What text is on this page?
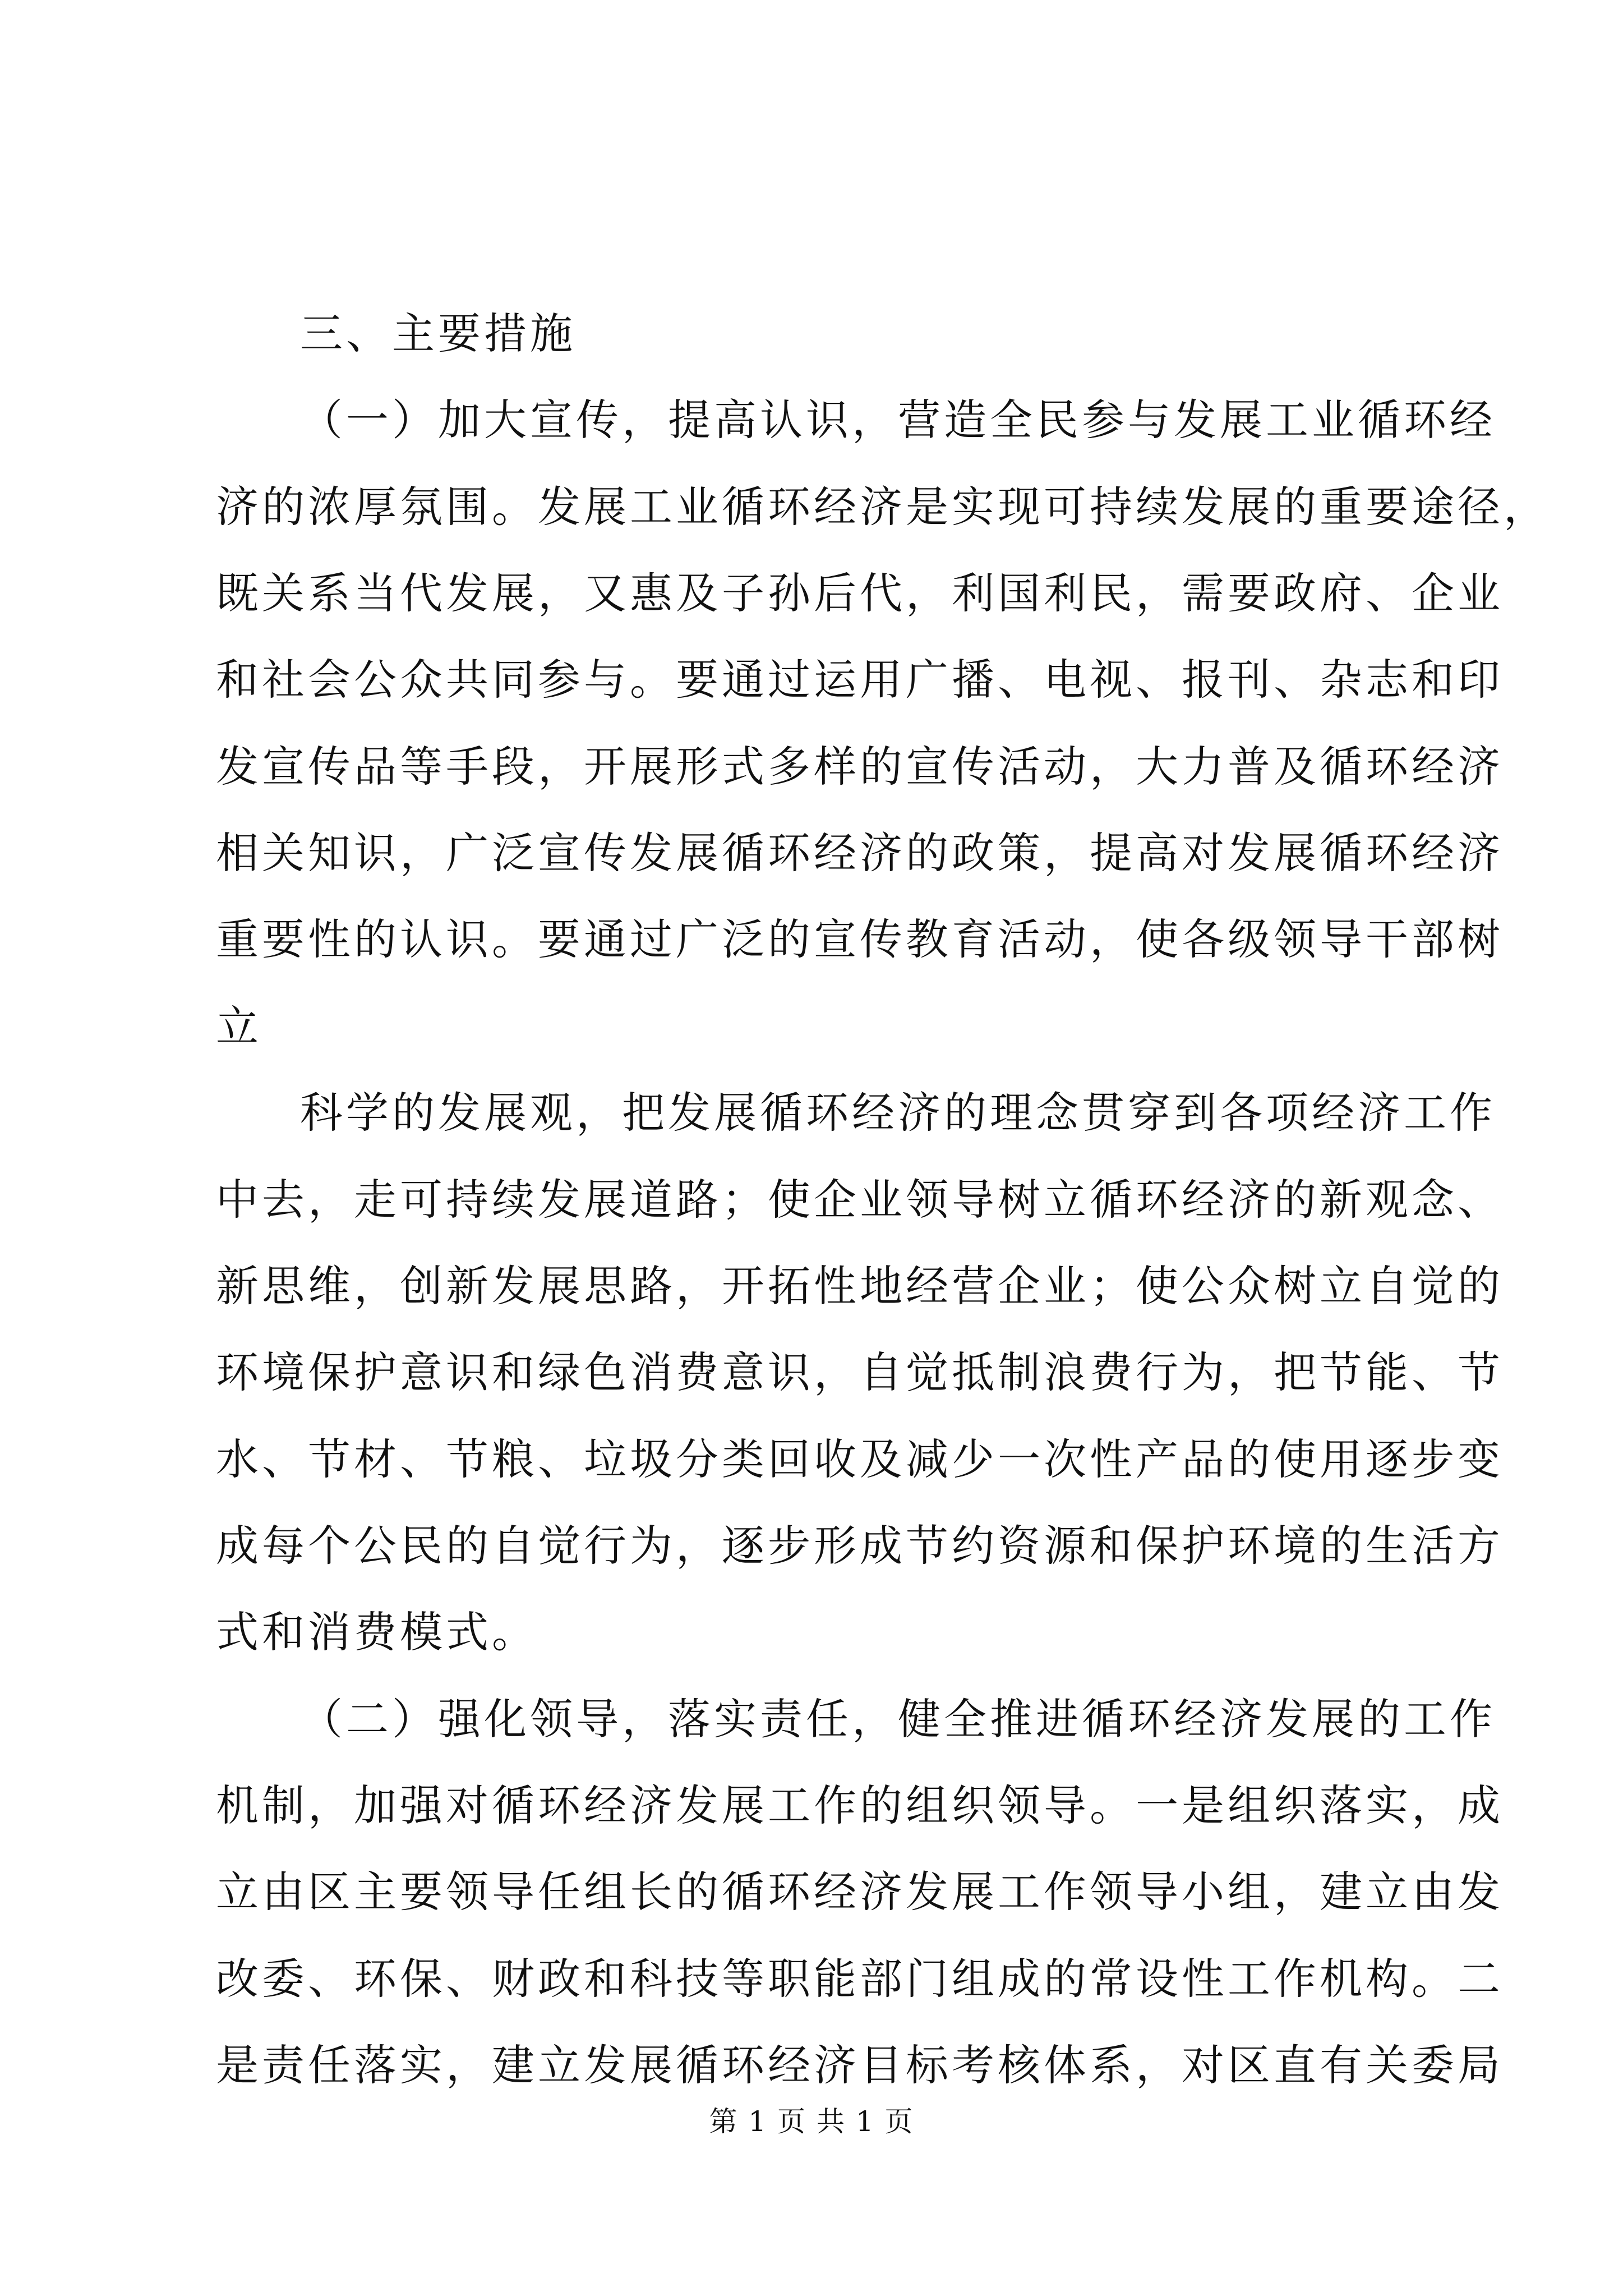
三、主要措施
（一）加大宣传，提高认识，营造全民参与发展工业循环经
济的浓厚氛围。发展工业循环经济是实现可持续发展的重要途径，
既关系当代发展，又惠及子孙后代，利国利民，需要政府、企业
和社会公众共同参与。要通过运用广播、电视、报刊、杂志和印
发宣传品等手段，开展形式多样的宣传活动，大力普及循环经济
相关知识，广泛宣传发展循环经济的政策，提高对发展循环经济
重要性的认识。要通过广泛的宣传教育活动，使各级领导干部树
立
科学的发展观，把发展循环经济的理念贯穿到各项经济工作
中去，走可持续发展道路；使企业领导树立循环经济的新观念、
新思维，创新发展思路，开拓性地经营企业；使公众树立自觉的
环境保护意识和绿色消费意识，自觉抵制浪费行为，把节能、节
水、节材、节粮、垃圾分类回收及减少一次性产品的使用逐步变
成每个公民的自觉行为，逐步形成节约资源和保护环境的生活方
式和消费模式。
（二）强化领导，落实责任，健全推进循环经济发展的工作
机制，加强对循环经济发展工作的组织领导。一是组织落实，成
立由区主要领导任组长的循环经济发展工作领导小组，建立由发
改委、环保、财政和科技等职能部门组成的常设性工作机构。二
是责任落实，建立发展循环经济目标考核体系，对区直有关委局
第 1 页 共 1 页
